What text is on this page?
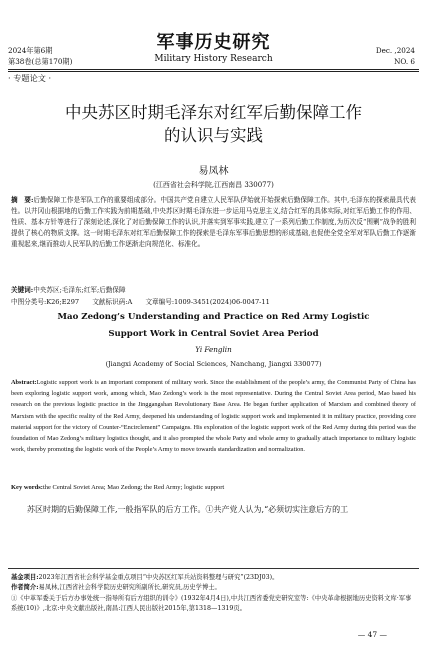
2024年第6期
第38卷(总第170期)
军事历史研究
Military History Research
Dec. ,2024
NO. 6
· 专题论文 ·
中央苏区时期毛泽东对红军后勤保障工作
的认识与实践
易凤林
(江西省社会科学院,江西南昌 330077)
摘　要:后勤保障工作是军队工作的重要组成部分。中国共产党自建立人民军队伊始就开始探索后勤保障工作。其中,毛泽东的探索最具代表性。以井冈山根据地的后勤工作实践为前期基础,中央苏区时期毛泽东进一步运用马克思主义,结合红军的具体实际,对红军后勤工作的作用、性质、基本方针等进行了深刻论述,深化了对后勤保障工作的认识,并落实到军事实践,建立了一系列后勤工作制度,为历次反“围剿”战争的胜利提供了核心的物质支撑。这一时期毛泽东对红军后勤保障工作的探索是毛泽东军事后勤思想的形成基础,也促使全党全军对军队后勤工作逐渐重视起来,继而推动人民军队的后勤工作逐渐走向规范化、标准化。
关键词:中央苏区;毛泽东;红军;后勤保障
中图分类号:K26;E297　　文献标识码:A　　文章编号:1009-3451(2024)06-0047-11
Mao Zedong’s Understanding and Practice on Red Army Logistic
Support Work in Central Soviet Area Period
Yi Fenglin
(Jiangxi Academy of Social Sciences, Nanchang, Jiangxi 330077)
Abstract:Logistic support work is an important component of military work. Since the establishment of the people’s army, the Communist Party of China has been exploring logistic support work, among which, Mao Zedong’s work is the most representative. During the Central Soviet Area period, Mao based his research on the previous logistic practice in the Jinggangshan Revolutionary Base Area. He began further application of Marxism and combined theory of Marxism with the specific reality of the Red Army, deepened his understanding of logistic support work and implemented it in military practice, providing core material support for the victory of Counter-“Encirclement” Campaigns. His exploration of the logistic support work of the Red Army during this period was the foundation of Mao Zedong’s military logistics thought, and it also prompted the whole Party and whole army to gradually attach importance to military logistic work, thereby promoting the logistic work of the People’s Army to move towards standardization and normalization.
Key words:the Central Soviet Area; Mao Zedong; the Red Army; logistic support
苏区时期的后勤保障工作,一般指军队的后方工作。①共产党人认为,“必须切实注意后方的工
基金项目:2023年江西省社会科学基金重点项目“中央苏区红军兵站资料整理与研究”(23DJ03)。
作者简介:易凤林,江西省社会科学院历史研究所副所长,研究员,历史学博士。
①《中革军委关于后方办事处统一指导所有后方组织的训令》(1932年4月4日),中共江西省委党史研究室等:《中央革命根据地历史资料文库·军事系统(10)》,北京:中央文献出版社,南昌:江西人民出版社2015年,第1318—1319页。
— 47 —
